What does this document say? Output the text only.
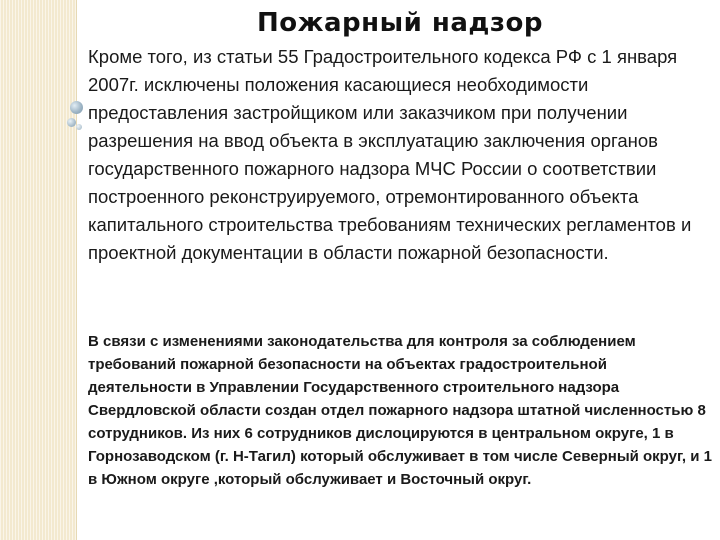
Пожарный надзор

Кроме того, из статьи 55 Градостроительного кодекса РФ с 1 января 2007г. исключены положения касающиеся необходимости предоставления застройщиком или заказчиком при получении разрешения на ввод объекта в эксплуатацию заключения органов государственного пожарного надзора МЧС России о соответствии построенного реконструируемого, отремонтированного объекта капитального строительства требованиям технических регламентов и проектной документации в области пожарной безопасности.

В связи с изменениями законодательства для контроля за соблюдением требований пожарной безопасности на объектах градостроительной деятельности в Управлении Государственного строительного надзора Свердловской области создан отдел пожарного надзора штатной численностью 8 сотрудников. Из них 6 сотрудников дислоцируются в центральном округе, 1 в Горнозаводском (г. Н-Тагил) который обслуживает в том числе Северный округ, и 1 в Южном округе ,который обслуживает и Восточный округ.
